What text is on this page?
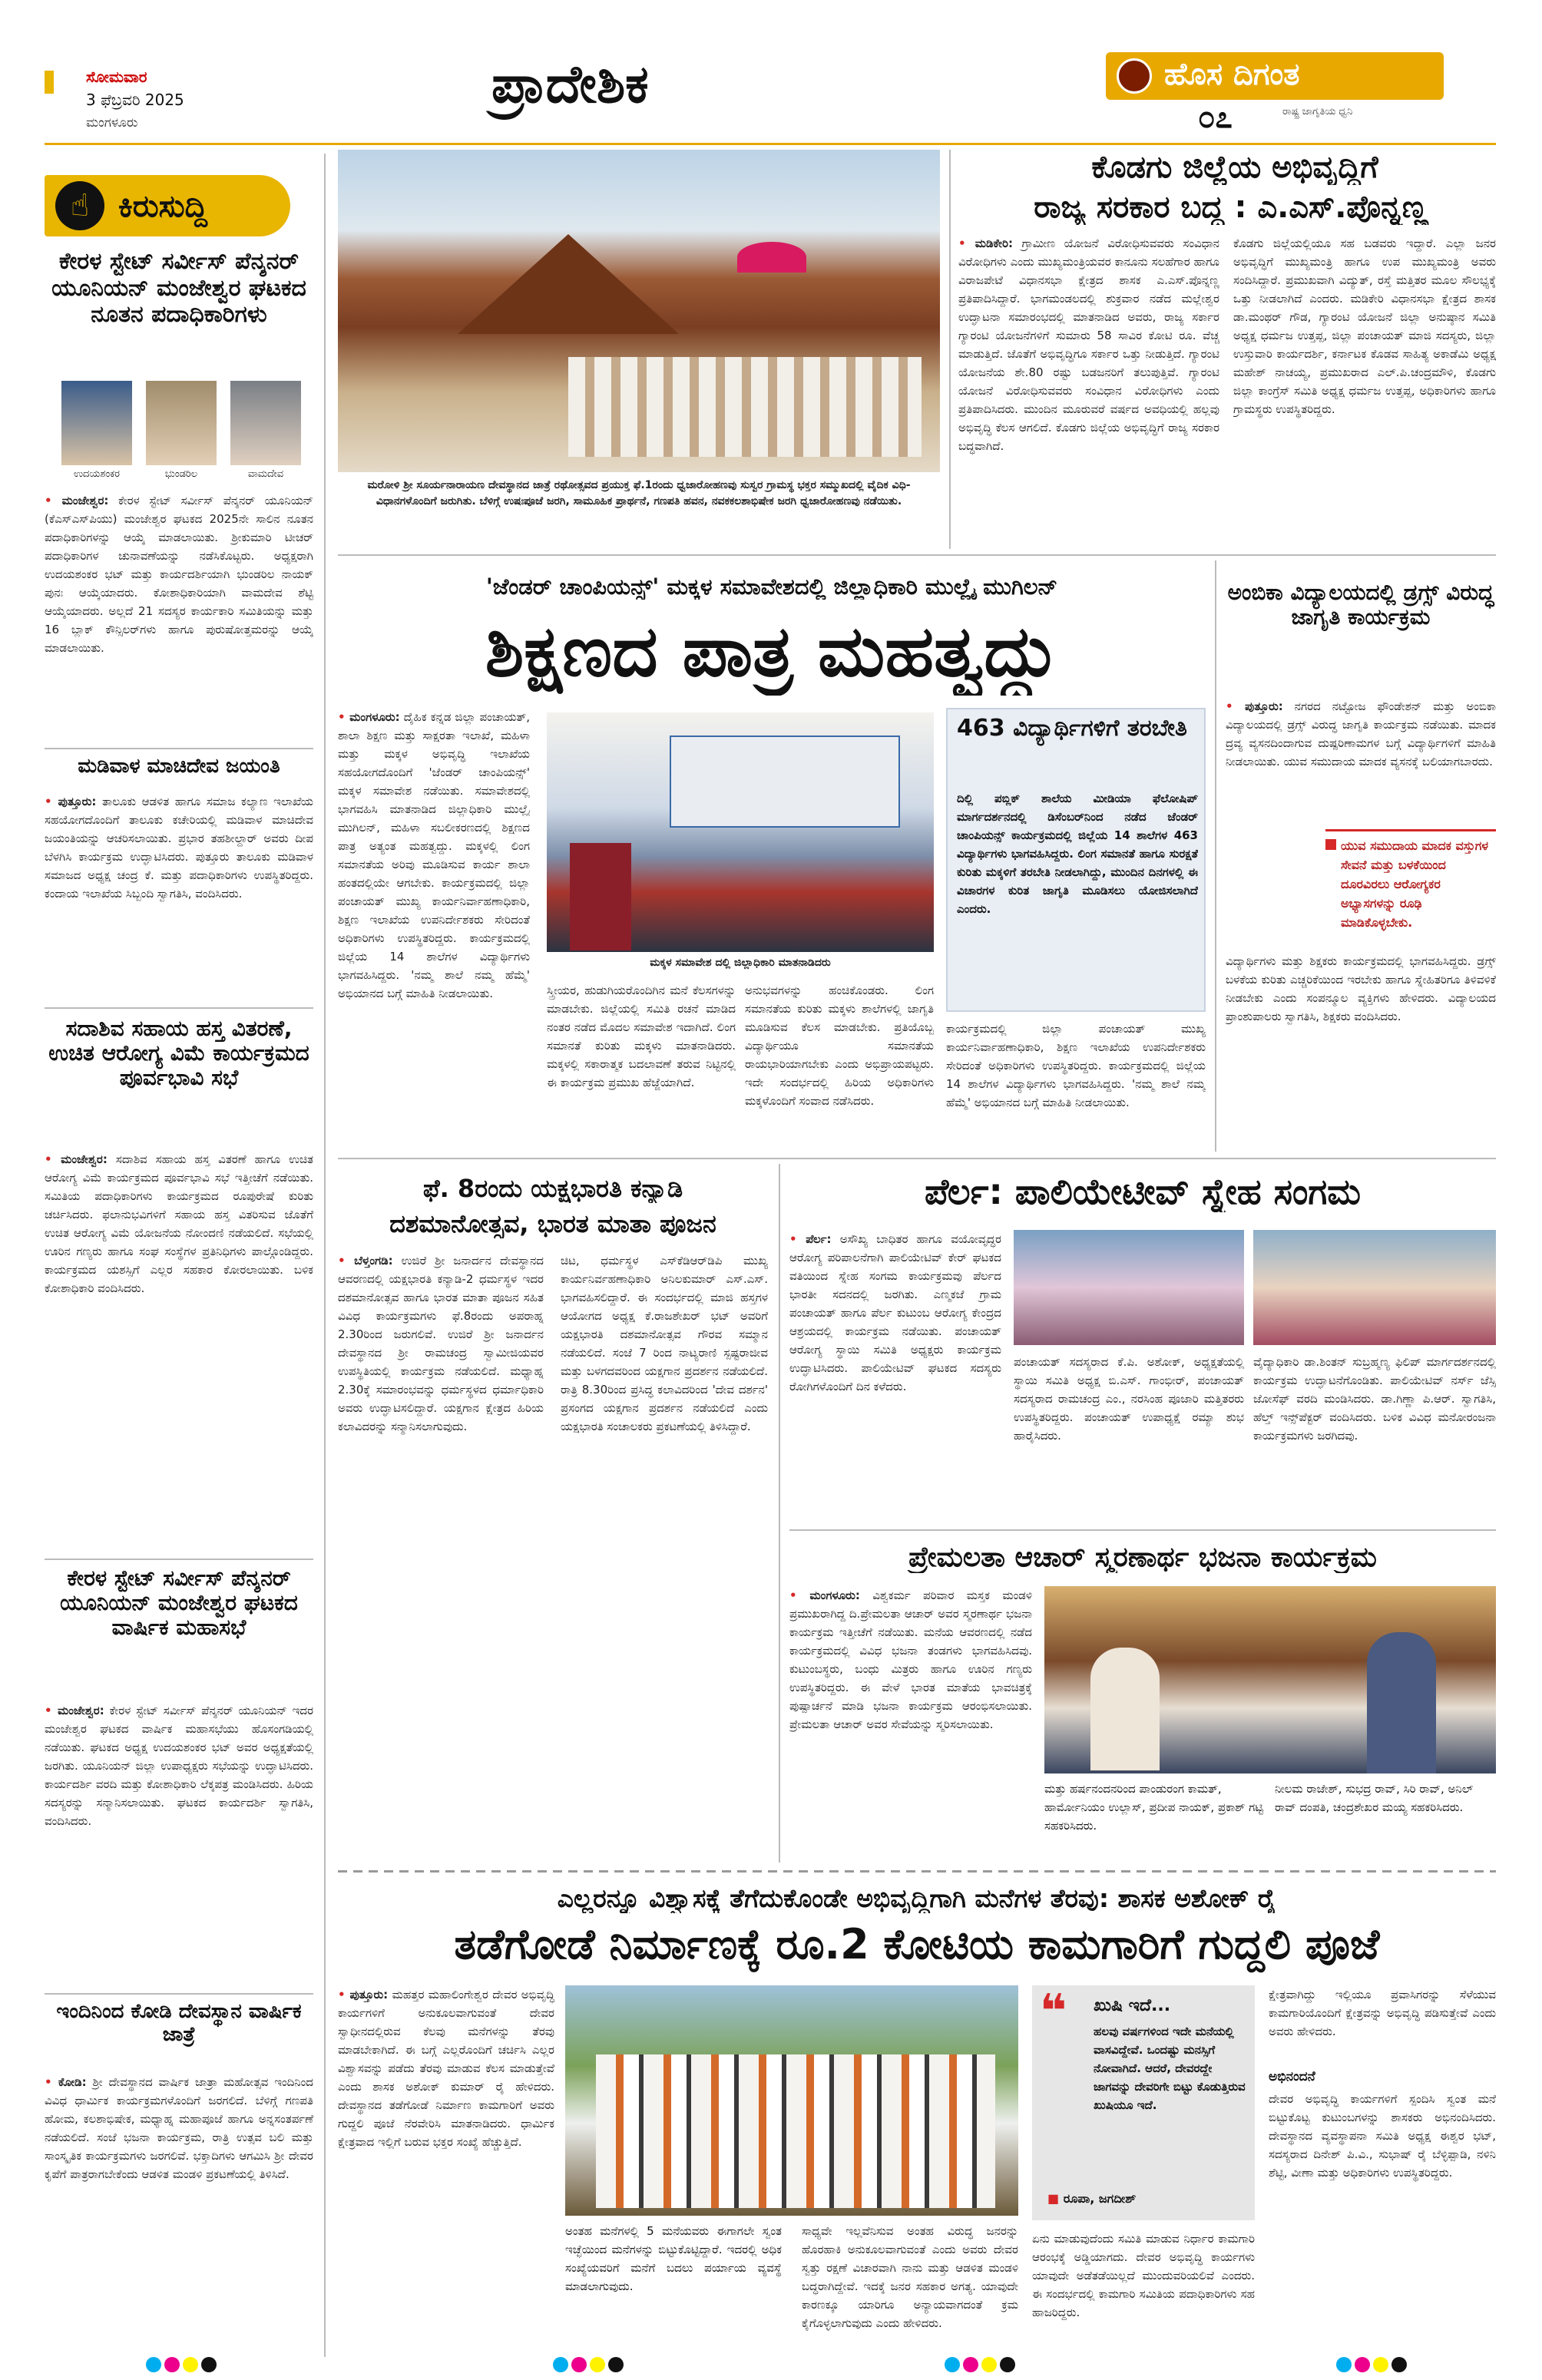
ಸೋಮವಾರ
3 ಫೆಬ್ರವರಿ 2025
ಮಂಗಳೂರು
ಪ್ರಾದೇಶಿಕ	ಹೊಸ ದಿಗಂತ
೦೭	ರಾಷ್ಟ್ರ ಜಾಗೃತಿಯ ಧ್ವನಿ
☝ ಕಿರುಸುದ್ದಿ
ಕೇರಳ ಸ್ಟೇಟ್ ಸರ್ವೀಸ್ ಪೆನ್ಶನರ್ ಯೂನಿಯನ್ ಮಂಜೇಶ್ವರ ಘಟಕದ ನೂತನ ಪದಾಧಿಕಾರಿಗಳು
ಉದಯಶಂಕರ	ಭುಂಡರಿಲ	ವಾಮದೇವ
• ಮಂಜೇಶ್ವರ: ಕೇರಳ ಸ್ಟೇಟ್ ಸರ್ವೀಸ್ ಪೆನ್ಶನರ್ ಯೂನಿಯನ್ (ಕೆಎಸ್‌ಎಸ್‌ಪಿಯು) ಮಂಜೇಶ್ವರ ಘಟಕದ 2025ನೇ ಸಾಲಿನ ನೂತನ ಪದಾಧಿಕಾರಿಗಳನ್ನು ಆಯ್ಕೆ ಮಾಡಲಾಯಿತು. ಶ್ರೀಕುಮಾರಿ ಟೀಚರ್ ಪದಾಧಿಕಾರಿಗಳ ಚುನಾವಣೆಯನ್ನು ನಡೆಸಿಕೊಟ್ಟರು. ಅಧ್ಯಕ್ಷರಾಗಿ ಉದಯಶಂಕರ ಭಟ್ ಮತ್ತು ಕಾರ್ಯದರ್ಶಿಯಾಗಿ ಭುಂಡರಿಲ ನಾಯಕ್ ಪುನಃ ಆಯ್ಕೆಯಾದರು. ಕೋಶಾಧಿಕಾರಿಯಾಗಿ ವಾಮದೇವ ಶೆಟ್ಟಿ ಆಯ್ಕೆಯಾದರು. ಅಲ್ಲದೆ 21 ಸದಸ್ಯರ ಕಾರ್ಯಕಾರಿ ಸಮಿತಿಯನ್ನು ಮತ್ತು 16 ಬ್ಲಾಕ್ ಕೌನ್ಸಿಲರ್‌ಗಳು ಹಾಗೂ ಪುರುಷೋತ್ತಮರನ್ನು ಆಯ್ಕೆ ಮಾಡಲಾಯಿತು.
ಮಡಿವಾಳ ಮಾಚಿದೇವ ಜಯಂತಿ
• ಪುತ್ತೂರು: ತಾಲೂಕು ಆಡಳಿತ ಹಾಗೂ ಸಮಾಜ ಕಲ್ಯಾಣ ಇಲಾಖೆಯ ಸಹಯೋಗದೊಂದಿಗೆ ತಾಲೂಕು ಕಚೇರಿಯಲ್ಲಿ ಮಡಿವಾಳ ಮಾಚಿದೇವ ಜಯಂತಿಯನ್ನು ಆಚರಿಸಲಾಯಿತು. ಪ್ರಭಾರ ತಹಶೀಲ್ದಾರ್ ಅವರು ದೀಪ ಬೆಳಗಿಸಿ ಕಾರ್ಯಕ್ರಮ ಉದ್ಘಾಟಿಸಿದರು. ಪುತ್ತೂರು ತಾಲೂಕು ಮಡಿವಾಳ ಸಮಾಜದ ಅಧ್ಯಕ್ಷ ಚಂದ್ರ ಕೆ. ಮತ್ತು ಪದಾಧಿಕಾರಿಗಳು ಉಪಸ್ಥಿತರಿದ್ದರು. ಕಂದಾಯ ಇಲಾಖೆಯ ಸಿಬ್ಬಂದಿ ಸ್ವಾಗತಿಸಿ, ವಂದಿಸಿದರು.
ಸದಾಶಿವ ಸಹಾಯ ಹಸ್ತ ವಿತರಣೆ, ಉಚಿತ ಆರೋಗ್ಯ ವಿಮೆ ಕಾರ್ಯಕ್ರಮದ ಪೂರ್ವಭಾವಿ ಸಭೆ
• ಮಂಜೇಶ್ವರ: ಸದಾಶಿವ ಸಹಾಯ ಹಸ್ತ ವಿತರಣೆ ಹಾಗೂ ಉಚಿತ ಆರೋಗ್ಯ ವಿಮೆ ಕಾರ್ಯಕ್ರಮದ ಪೂರ್ವಭಾವಿ ಸಭೆ ಇತ್ತೀಚೆಗೆ ನಡೆಯಿತು. ಸಮಿತಿಯ ಪದಾಧಿಕಾರಿಗಳು ಕಾರ್ಯಕ್ರಮದ ರೂಪುರೇಷೆ ಕುರಿತು ಚರ್ಚಿಸಿದರು. ಫಲಾನುಭವಿಗಳಿಗೆ ಸಹಾಯ ಹಸ್ತ ವಿತರಿಸುವ ಜೊತೆಗೆ ಉಚಿತ ಆರೋಗ್ಯ ವಿಮೆ ಯೋಜನೆಯ ನೋಂದಣಿ ನಡೆಯಲಿದೆ. ಸಭೆಯಲ್ಲಿ ಊರಿನ ಗಣ್ಯರು ಹಾಗೂ ಸಂಘ ಸಂಸ್ಥೆಗಳ ಪ್ರತಿನಿಧಿಗಳು ಪಾಲ್ಗೊಂಡಿದ್ದರು. ಕಾರ್ಯಕ್ರಮದ ಯಶಸ್ಸಿಗೆ ಎಲ್ಲರ ಸಹಕಾರ ಕೋರಲಾಯಿತು. ಬಳಿಕ ಕೋಶಾಧಿಕಾರಿ ವಂದಿಸಿದರು.
ಕೇರಳ ಸ್ಟೇಟ್ ಸರ್ವೀಸ್ ಪೆನ್ಶನರ್ ಯೂನಿಯನ್ ಮಂಜೇಶ್ವರ ಘಟಕದ ವಾರ್ಷಿಕ ಮಹಾಸಭೆ
• ಮಂಜೇಶ್ವರ: ಕೇರಳ ಸ್ಟೇಟ್ ಸರ್ವೀಸ್ ಪೆನ್ಶನರ್ ಯೂನಿಯನ್ ಇದರ ಮಂಜೇಶ್ವರ ಘಟಕದ ವಾರ್ಷಿಕ ಮಹಾಸಭೆಯು ಹೊಸಂಗಡಿಯಲ್ಲಿ ನಡೆಯಿತು. ಘಟಕದ ಅಧ್ಯಕ್ಷ ಉದಯಶಂಕರ ಭಟ್ ಅವರ ಅಧ್ಯಕ್ಷತೆಯಲ್ಲಿ ಜರಗಿತು. ಯೂನಿಯನ್ ಜಿಲ್ಲಾ ಉಪಾಧ್ಯಕ್ಷರು ಸಭೆಯನ್ನು ಉದ್ಘಾಟಿಸಿದರು. ಕಾರ್ಯದರ್ಶಿ ವರದಿ ಮತ್ತು ಕೋಶಾಧಿಕಾರಿ ಲೆಕ್ಕಪತ್ರ ಮಂಡಿಸಿದರು. ಹಿರಿಯ ಸದಸ್ಯರನ್ನು ಸನ್ಮಾನಿಸಲಾಯಿತು. ಘಟಕದ ಕಾರ್ಯದರ್ಶಿ ಸ್ವಾಗತಿಸಿ, ವಂದಿಸಿದರು.
ಇಂದಿನಿಂದ ಕೋಡಿ ದೇವಸ್ಥಾನ ವಾರ್ಷಿಕ ಜಾತ್ರೆ
• ಕೋಡಿ: ಶ್ರೀ ದೇವಸ್ಥಾನದ ವಾರ್ಷಿಕ ಜಾತ್ರಾ ಮಹೋತ್ಸವ ಇಂದಿನಿಂದ ವಿವಿಧ ಧಾರ್ಮಿಕ ಕಾರ್ಯಕ್ರಮಗಳೊಂದಿಗೆ ಜರಗಲಿದೆ. ಬೆಳಿಗ್ಗೆ ಗಣಪತಿ ಹೋಮ, ಕಲಶಾಭಿಷೇಕ, ಮಧ್ಯಾಹ್ನ ಮಹಾಪೂಜೆ ಹಾಗೂ ಅನ್ನಸಂತರ್ಪಣೆ ನಡೆಯಲಿದೆ. ಸಂಜೆ ಭಜನಾ ಕಾರ್ಯಕ್ರಮ, ರಾತ್ರಿ ಉತ್ಸವ ಬಲಿ ಮತ್ತು ಸಾಂಸ್ಕೃತಿಕ ಕಾರ್ಯಕ್ರಮಗಳು ಜರಗಲಿವೆ. ಭಕ್ತಾದಿಗಳು ಆಗಮಿಸಿ ಶ್ರೀ ದೇವರ ಕೃಪೆಗೆ ಪಾತ್ರರಾಗಬೇಕೆಂದು ಆಡಳಿತ ಮಂಡಳಿ ಪ್ರಕಟಣೆಯಲ್ಲಿ ತಿಳಿಸಿದೆ.
ಮರೋಳಿ ಶ್ರೀ ಸೂರ್ಯನಾರಾಯಣ ದೇವಸ್ಥಾನದ ಜಾತ್ರೆ ರಥೋತ್ಸವದ ಪ್ರಯುಕ್ತ ಫೆ.1ರಂದು ಧ್ವಜಾರೋಹಣವು ಸುಸ್ವರ ಗ್ರಾಮಸ್ಥ ಭಕ್ತರ ಸಮ್ಮುಖದಲ್ಲಿ ವೈದಿಕ ವಿಧಿ-ವಿಧಾನಗಳೊಂದಿಗೆ ಜರುಗಿತು. ಬೆಳಿಗ್ಗೆ ಉಷಃಪೂಜೆ ಜರಗಿ, ಸಾಮೂಹಿಕ ಪ್ರಾರ್ಥನೆ, ಗಣಪತಿ ಹವನ, ನವಕಕಲಶಾಭಿಷೇಕ ಜರಗಿ ಧ್ವಜಾರೋಹಣವು ನಡೆಯಿತು.
ಕೊಡಗು ಜಿಲ್ಲೆಯ ಅಭಿವೃದ್ಧಿಗೆ
ರಾಜ್ಯ ಸರಕಾರ ಬದ್ಧ : ಎ.ಎಸ್.ಪೊನ್ನಣ್ಣ
• ಮಡಿಕೇರಿ: ಗ್ರಾಮೀಣ ಯೋಜನೆ ವಿರೋಧಿಸುವವರು ಸಂವಿಧಾನ ವಿರೋಧಿಗಳು ಎಂದು ಮುಖ್ಯಮಂತ್ರಿಯವರ ಕಾನೂನು ಸಲಹೆಗಾರ ಹಾಗೂ ವಿರಾಜಪೇಟೆ ವಿಧಾನಸಭಾ ಕ್ಷೇತ್ರದ ಶಾಸಕ ಎ.ಎಸ್.ಪೊನ್ನಣ್ಣ ಪ್ರತಿಪಾದಿಸಿದ್ದಾರೆ. ಭಾಗಮಂಡಲದಲ್ಲಿ ಶುಕ್ರವಾರ ನಡೆದ ಮಲ್ಲೇಶ್ವರ ಉದ್ಘಾಟನಾ ಸಮಾರಂಭದಲ್ಲಿ ಮಾತನಾಡಿದ ಅವರು, ರಾಜ್ಯ ಸರ್ಕಾರ ಗ್ಯಾರಂಟಿ ಯೋಜನೆಗಳಿಗೆ ಸುಮಾರು 58 ಸಾವಿರ ಕೋಟಿ ರೂ. ವೆಚ್ಚ ಮಾಡುತ್ತಿದೆ. ಜೊತೆಗೆ ಅಭಿವೃದ್ಧಿಗೂ ಸರ್ಕಾರ ಒತ್ತು ನೀಡುತ್ತಿದೆ. ಗ್ಯಾರಂಟಿ ಯೋಜನೆಯ ಶೇ.80 ರಷ್ಟು ಬಡಜನರಿಗೆ ತಲುಪುತ್ತಿವೆ. ಗ್ಯಾರಂಟಿ ಯೋಜನೆ ವಿರೋಧಿಸುವವರು ಸಂವಿಧಾನ ವಿರೋಧಿಗಳು ಎಂದು ಪ್ರತಿಪಾದಿಸಿದರು. ಮುಂದಿನ ಮೂರುವರೆ ವರ್ಷದ ಅವಧಿಯಲ್ಲಿ ಹಲ್ಲವು ಅಭಿವೃದ್ಧಿ ಕೆಲಸ ಆಗಲಿದೆ. ಕೊಡಗು ಜಿಲ್ಲೆಯ ಅಭಿವೃದ್ಧಿಗೆ ರಾಜ್ಯ ಸರಕಾರ ಬದ್ಧವಾಗಿದೆ.
ಕೊಡಗು ಜಿಲ್ಲೆಯಲ್ಲಿಯೂ ಸಹ ಬಡವರು ಇದ್ದಾರೆ. ಎಲ್ಲಾ ಜನರ ಅಭಿವೃದ್ಧಿಗೆ ಮುಖ್ಯಮಂತ್ರಿ ಹಾಗೂ ಉಪ ಮುಖ್ಯಮಂತ್ರಿ ಅವರು ಸಂದಿಸಿದ್ದಾರೆ. ಪ್ರಮುಖವಾಗಿ ವಿದ್ಯುತ್, ರಸ್ತೆ ಮತ್ತಿತರ ಮೂಲ ಸೌಲಭ್ಯಕ್ಕೆ ಒತ್ತು ನೀಡಲಾಗಿದೆ ಎಂದರು. ಮಡಿಕೇರಿ ವಿಧಾನಸಭಾ ಕ್ಷೇತ್ರದ ಶಾಸಕ ಡಾ.ಮಂಥರ್ ಗೌಡ, ಗ್ಯಾರಂಟಿ ಯೋಜನೆ ಜಿಲ್ಲಾ ಅನುಷ್ಠಾನ ಸಮಿತಿ ಅಧ್ಯಕ್ಷ ಧರ್ಮಜ ಉತ್ತಪ್ಪ, ಜಿಲ್ಲಾ ಪಂಚಾಯತ್ ಮಾಜಿ ಸದಸ್ಯರು, ಜಿಲ್ಲಾ ಉಸ್ತುವಾರಿ ಕಾರ್ಯದರ್ಶಿ, ಕರ್ನಾಟಕ ಕೊಡವ ಸಾಹಿತ್ಯ ಅಕಾಡೆಮಿ ಅಧ್ಯಕ್ಷ ಮಹೇಶ್ ನಾಚಯ್ಯ, ಪ್ರಮುಖರಾದ ಎಲ್.ಪಿ.ಚಂದ್ರಮೌಳಿ, ಕೊಡಗು ಜಿಲ್ಲಾ ಕಾಂಗ್ರೆಸ್ ಸಮಿತಿ ಅಧ್ಯಕ್ಷ ಧರ್ಮಜ ಉತ್ತಪ್ಪ, ಅಧಿಕಾರಿಗಳು ಹಾಗೂ ಗ್ರಾಮಸ್ಥರು ಉಪಸ್ಥಿತರಿದ್ದರು.
'ಜೆಂಡರ್ ಚಾಂಪಿಯನ್ಸ್' ಮಕ್ಕಳ ಸಮಾವೇಶದಲ್ಲಿ ಜಿಲ್ಲಾಧಿಕಾರಿ ಮುಲ್ಲೈ ಮುಗಿಲನ್
ಶಿಕ್ಷಣದ ಪಾತ್ರ ಮಹತ್ವದ್ದು
• ಮಂಗಳೂರು: ದೈಹಿಕ ಕನ್ನಡ ಜಿಲ್ಲಾ ಪಂಚಾಯತ್, ಶಾಲಾ ಶಿಕ್ಷಣ ಮತ್ತು ಸಾಕ್ಷರತಾ ಇಲಾಖೆ, ಮಹಿಳಾ ಮತ್ತು ಮಕ್ಕಳ ಅಭಿವೃದ್ಧಿ ಇಲಾಖೆಯ ಸಹಯೋಗದೊಂದಿಗೆ 'ಜೆಂಡರ್ ಚಾಂಪಿಯನ್ಸ್' ಮಕ್ಕಳ ಸಮಾವೇಶ ನಡೆಯಿತು. ಸಮಾವೇಶದಲ್ಲಿ ಭಾಗವಹಿಸಿ ಮಾತನಾಡಿದ ಜಿಲ್ಲಾಧಿಕಾರಿ ಮುಲ್ಲೈ ಮುಗಿಲನ್, ಮಹಿಳಾ ಸಬಲೀಕರಣದಲ್ಲಿ ಶಿಕ್ಷಣದ ಪಾತ್ರ ಅತ್ಯಂತ ಮಹತ್ವದ್ದು. ಮಕ್ಕಳಲ್ಲಿ ಲಿಂಗ ಸಮಾನತೆಯ ಅರಿವು ಮೂಡಿಸುವ ಕಾರ್ಯ ಶಾಲಾ ಹಂತದಲ್ಲಿಯೇ ಆಗಬೇಕು. ಕಾರ್ಯಕ್ರಮದಲ್ಲಿ ಜಿಲ್ಲಾ ಪಂಚಾಯತ್ ಮುಖ್ಯ ಕಾರ್ಯನಿರ್ವಾಹಣಾಧಿಕಾರಿ, ಶಿಕ್ಷಣ ಇಲಾಖೆಯ ಉಪನಿರ್ದೇಶಕರು ಸೇರಿದಂತೆ ಅಧಿಕಾರಿಗಳು ಉಪಸ್ಥಿತರಿದ್ದರು. ಕಾರ್ಯಕ್ರಮದಲ್ಲಿ ಜಿಲ್ಲೆಯ 14 ಶಾಲೆಗಳ ವಿದ್ಯಾರ್ಥಿಗಳು ಭಾಗವಹಿಸಿದ್ದರು. 'ನಮ್ಮ ಶಾಲೆ ನಮ್ಮ ಹೆಮ್ಮೆ' ಅಭಿಯಾನದ ಬಗ್ಗೆ ಮಾಹಿತಿ ನೀಡಲಾಯಿತು.
ಮಕ್ಕಳ ಸಮಾವೇಶ ದಲ್ಲಿ ಜಿಲ್ಲಾಧಿಕಾರಿ ಮಾತನಾಡಿದರು
463 ವಿದ್ಯಾರ್ಥಿಗಳಿಗೆ ತರಬೇತಿ
ದಿಲ್ಲಿ ಪಬ್ಲಿಕ್ ಶಾಲೆಯ ಮೀಡಿಯಾ ಫೆಲೋಷಿಪ್ ಮಾರ್ಗದರ್ಶನದಲ್ಲಿ ಡಿಸೆಂಬರ್‌ನಿಂದ ನಡೆದ ಜೆಂಡರ್ ಚಾಂಪಿಯನ್ಸ್ ಕಾರ್ಯಕ್ರಮದಲ್ಲಿ ಜಿಲ್ಲೆಯ 14 ಶಾಲೆಗಳ 463 ವಿದ್ಯಾರ್ಥಿಗಳು ಭಾಗವಹಿಸಿದ್ದರು. ಲಿಂಗ ಸಮಾನತೆ ಹಾಗೂ ಸುರಕ್ಷತೆ ಕುರಿತು ಮಕ್ಕಳಿಗೆ ತರಬೇತಿ ನೀಡಲಾಗಿದ್ದು, ಮುಂದಿನ ದಿನಗಳಲ್ಲಿ ಈ ವಿಚಾರಗಳ ಕುರಿತ ಜಾಗೃತಿ ಮೂಡಿಸಲು ಯೋಜಿಸಲಾಗಿದೆ ಎಂದರು.
ಸ್ತ್ರೀಯರ, ಹುಡುಗಿಯರೊಂದಿಗಿನ ಮನೆ ಕೆಲಸಗಳನ್ನು ಮಾಡಬೇಕು. ಜಿಲ್ಲೆಯಲ್ಲಿ ಸಮಿತಿ ರಚನೆ ಮಾಡಿದ ನಂತರ ನಡೆದ ಮೊದಲ ಸಮಾವೇಶ ಇದಾಗಿದೆ. ಲಿಂಗ ಸಮಾನತೆ ಕುರಿತು ಮಕ್ಕಳು ಮಾತನಾಡಿದರು. ಮಕ್ಕಳಲ್ಲಿ ಸಕಾರಾತ್ಮಕ ಬದಲಾವಣೆ ತರುವ ನಿಟ್ಟಿನಲ್ಲಿ ಈ ಕಾರ್ಯಕ್ರಮ ಪ್ರಮುಖ ಹೆಜ್ಜೆಯಾಗಿದೆ.
ಅನುಭವಗಳನ್ನು ಹಂಚಿಕೊಂಡರು. ಲಿಂಗ ಸಮಾನತೆಯ ಕುರಿತು ಮಕ್ಕಳು ಶಾಲೆಗಳಲ್ಲಿ ಜಾಗೃತಿ ಮೂಡಿಸುವ ಕೆಲಸ ಮಾಡಬೇಕು. ಪ್ರತಿಯೊಬ್ಬ ವಿದ್ಯಾರ್ಥಿಯೂ ಸಮಾನತೆಯ ರಾಯಭಾರಿಯಾಗಬೇಕು ಎಂದು ಅಭಿಪ್ರಾಯಪಟ್ಟರು. ಇದೇ ಸಂದರ್ಭದಲ್ಲಿ ಹಿರಿಯ ಅಧಿಕಾರಿಗಳು ಮಕ್ಕಳೊಂದಿಗೆ ಸಂವಾದ ನಡೆಸಿದರು.
ಕಾರ್ಯಕ್ರಮದಲ್ಲಿ ಜಿಲ್ಲಾ ಪಂಚಾಯತ್ ಮುಖ್ಯ ಕಾರ್ಯನಿರ್ವಾಹಣಾಧಿಕಾರಿ, ಶಿಕ್ಷಣ ಇಲಾಖೆಯ ಉಪನಿರ್ದೇಶಕರು ಸೇರಿದಂತೆ ಅಧಿಕಾರಿಗಳು ಉಪಸ್ಥಿತರಿದ್ದರು. ಕಾರ್ಯಕ್ರಮದಲ್ಲಿ ಜಿಲ್ಲೆಯ 14 ಶಾಲೆಗಳ ವಿದ್ಯಾರ್ಥಿಗಳು ಭಾಗವಹಿಸಿದ್ದರು. 'ನಮ್ಮ ಶಾಲೆ ನಮ್ಮ ಹೆಮ್ಮೆ' ಅಭಿಯಾನದ ಬಗ್ಗೆ ಮಾಹಿತಿ ನೀಡಲಾಯಿತು.
ಅಂಬಿಕಾ ವಿದ್ಯಾಲಯದಲ್ಲಿ ಡ್ರಗ್ಸ್ ವಿರುದ್ಧ ಜಾಗೃತಿ ಕಾರ್ಯಕ್ರಮ
• ಪುತ್ತೂರು: ನಗರದ ನಟ್ಟೋಜ ಫೌಂಡೇಶನ್ ಮತ್ತು ಅಂಬಿಕಾ ವಿದ್ಯಾಲಯದಲ್ಲಿ ಡ್ರಗ್ಸ್ ವಿರುದ್ಧ ಜಾಗೃತಿ ಕಾರ್ಯಕ್ರಮ ನಡೆಯಿತು. ಮಾದಕ ದ್ರವ್ಯ ವ್ಯಸನದಿಂದಾಗುವ ದುಷ್ಪರಿಣಾಮಗಳ ಬಗ್ಗೆ ವಿದ್ಯಾರ್ಥಿಗಳಿಗೆ ಮಾಹಿತಿ ನೀಡಲಾಯಿತು. ಯುವ ಸಮುದಾಯ ಮಾದಕ ವ್ಯಸನಕ್ಕೆ ಬಲಿಯಾಗಬಾರದು.
ಯುವ ಸಮುದಾಯ ಮಾದಕ ವಸ್ತುಗಳ ಸೇವನೆ ಮತ್ತು ಬಳಕೆಯಿಂದ ದೂರವಿರಲು ಆರೋಗ್ಯಕರ ಅಭ್ಯಾಸಗಳನ್ನು ರೂಢಿ ಮಾಡಿಕೊಳ್ಳಬೇಕು.
ವಿದ್ಯಾರ್ಥಿಗಳು ಮತ್ತು ಶಿಕ್ಷಕರು ಕಾರ್ಯಕ್ರಮದಲ್ಲಿ ಭಾಗವಹಿಸಿದ್ದರು. ಡ್ರಗ್ಸ್ ಬಳಕೆಯ ಕುರಿತು ಎಚ್ಚರಿಕೆಯಿಂದ ಇರಬೇಕು ಹಾಗೂ ಸ್ನೇಹಿತರಿಗೂ ತಿಳಿವಳಿಕೆ ನೀಡಬೇಕು ಎಂದು ಸಂಪನ್ಮೂಲ ವ್ಯಕ್ತಿಗಳು ಹೇಳಿದರು. ವಿದ್ಯಾಲಯದ ಪ್ರಾಂಶುಪಾಲರು ಸ್ವಾಗತಿಸಿ, ಶಿಕ್ಷಕರು ವಂದಿಸಿದರು.
ಫೆ. 8ರಂದು ಯಕ್ಷಭಾರತಿ ಕನ್ಯಾಡಿ
ದಶಮಾನೋತ್ಸವ, ಭಾರತ ಮಾತಾ ಪೂಜನ
• ಬೆಳ್ತಂಗಡಿ: ಉಜಿರೆ ಶ್ರೀ ಜನಾರ್ದನ ದೇವಸ್ಥಾನದ ಆವರಣದಲ್ಲಿ ಯಕ್ಷಭಾರತಿ ಕನ್ಯಾಡಿ-2 ಧರ್ಮಸ್ಥಳ ಇದರ ದಶಮಾನೋತ್ಸವ ಹಾಗೂ ಭಾರತ ಮಾತಾ ಪೂಜನ ಸಹಿತ ವಿವಿಧ ಕಾರ್ಯಕ್ರಮಗಳು ಫೆ.8ರಂದು ಅಪರಾಹ್ನ 2.30ರಿಂದ ಜರುಗಲಿವೆ. ಉಜಿರೆ ಶ್ರೀ ಜನಾರ್ದನ ದೇವಸ್ಥಾನದ ಶ್ರೀ ರಾಮಚಂದ್ರ ಸ್ವಾಮೀಜಿಯವರ ಉಪಸ್ಥಿತಿಯಲ್ಲಿ ಕಾರ್ಯಕ್ರಮ ನಡೆಯಲಿದೆ. ಮಧ್ಯಾಹ್ನ 2.30ಕ್ಕೆ ಸಮಾರಂಭವನ್ನು ಧರ್ಮಸ್ಥಳದ ಧರ್ಮಾಧಿಕಾರಿ ಅವರು ಉದ್ಘಾಟಿಸಲಿದ್ದಾರೆ. ಯಕ್ಷಗಾನ ಕ್ಷೇತ್ರದ ಹಿರಿಯ ಕಲಾವಿದರನ್ನು ಸನ್ಮಾನಿಸಲಾಗುವುದು.
ಚಿಟ, ಧರ್ಮಸ್ಥಳ ಎಸ್‌ಕೆಡಿಆರ್‌ಡಿಪಿ ಮುಖ್ಯ ಕಾರ್ಯನಿರ್ವಹಣಾಧಿಕಾರಿ ಅನಿಲಕುಮಾರ್ ಎಸ್.ಎಸ್. ಭಾಗವಹಿಸಲಿದ್ದಾರೆ. ಈ ಸಂದರ್ಭದಲ್ಲಿ ಮಾಜಿ ಹಸ್ತಗಳ ಆಯೋಗದ ಅಧ್ಯಕ್ಷ ಕೆ.ರಾಜಶೇಖರ್ ಭಟ್ ಅವರಿಗೆ ಯಕ್ಷಭಾರತಿ ದಶಮಾನೋತ್ಸವ ಗೌರವ ಸಮ್ಮಾನ ನಡೆಯಲಿದೆ. ಸಂಜೆ 7 ರಿಂದ ನಾಟ್ಯರಾಣಿ ಸ್ಪಷ್ಟರಾಜೀವ ಮತ್ತು ಬಳಗದವರಿಂದ ಯಕ್ಷಗಾನ ಪ್ರದರ್ಶನ ನಡೆಯಲಿದೆ. ರಾತ್ರಿ 8.30ರಿಂದ ಪ್ರಸಿದ್ಧ ಕಲಾವಿದರಿಂದ 'ದೇವ ದರ್ಶನ' ಪ್ರಸಂಗದ ಯಕ್ಷಗಾನ ಪ್ರದರ್ಶನ ನಡೆಯಲಿದೆ ಎಂದು ಯಕ್ಷಭಾರತಿ ಸಂಚಾಲಕರು ಪ್ರಕಟಣೆಯಲ್ಲಿ ತಿಳಿಸಿದ್ದಾರೆ.
ಪೆರ್ಲ: ಪಾಲಿಯೇಟೀವ್ ಸ್ನೇಹ ಸಂಗಮ
• ಪೆರ್ಲ: ಅಸೌಖ್ಯ ಬಾಧಿತರ ಹಾಗೂ ವಯೋವೃದ್ಧರ ಆರೋಗ್ಯ ಪರಿಪಾಲನೆಗಾಗಿ ಪಾಲಿಯೇಟಿವ್ ಕೇರ್ ಘಟಕದ ವತಿಯಿಂದ ಸ್ನೇಹ ಸಂಗಮ ಕಾರ್ಯಕ್ರಮವು ಪೆರ್ಲದ ಭಾರತೀ ಸದನದಲ್ಲಿ ಜರಗಿತು. ಎಣ್ಮಕಜೆ ಗ್ರಾಮ ಪಂಚಾಯತ್ ಹಾಗೂ ಪೆರ್ಲ ಕುಟುಂಬ ಆರೋಗ್ಯ ಕೇಂದ್ರದ ಆಶ್ರಯದಲ್ಲಿ ಕಾರ್ಯಕ್ರಮ ನಡೆಯಿತು. ಪಂಚಾಯತ್ ಆರೋಗ್ಯ ಸ್ಥಾಯಿ ಸಮಿತಿ ಅಧ್ಯಕ್ಷರು ಕಾರ್ಯಕ್ರಮ ಉದ್ಘಾಟಿಸಿದರು. ಪಾಲಿಯೇಟಿವ್ ಘಟಕದ ಸದಸ್ಯರು ರೋಗಿಗಳೊಂದಿಗೆ ದಿನ ಕಳೆದರು.
ಪಂಚಾಯತ್ ಸದಸ್ಯರಾದ ಕೆ.ಪಿ. ಅಶೋಕ್, ಅಧ್ಯಕ್ಷತೆಯಲ್ಲಿ ಸ್ಥಾಯಿ ಸಮಿತಿ ಅಧ್ಯಕ್ಷ ಬಿ.ಎಸ್. ಗಾಂಭೀರ್, ಪಂಚಾಯತ್ ಸದಸ್ಯರಾದ ರಾಮಚಂದ್ರ ಎಂ., ನರಸಿಂಹ ಪೂಜಾರಿ ಮತ್ತಿತರರು ಉಪಸ್ಥಿತರಿದ್ದರು. ಪಂಚಾಯತ್ ಉಪಾಧ್ಯಕ್ಷೆ ರಮ್ಯಾ ಶುಭ ಹಾರೈಸಿದರು.
ವೈದ್ಯಾಧಿಕಾರಿ ಡಾ.ಶಿಂತನ್ ಸುಬ್ರಹ್ಮಣ್ಯ ಫಿಲಿಪ್ ಮಾರ್ಗದರ್ಶನದಲ್ಲಿ ಕಾರ್ಯಕ್ರಮ ಉದ್ಘಾಟನೆಗೊಂಡಿತು. ಪಾಲಿಯೇಟಿವ್ ನರ್ಸ್ ಜೆಸ್ಸಿ ಜೋಸೆಫ್ ವರದಿ ಮಂಡಿಸಿದರು. ಡಾ.ಗಿಣ್ಣಾ ಪಿ.ಆರ್. ಸ್ವಾಗತಿಸಿ, ಹೆಲ್ತ್ ಇನ್ಸ್‌ಪೆಕ್ಟರ್ ವಂದಿಸಿದರು. ಬಳಿಕ ವಿವಿಧ ಮನೋರಂಜನಾ ಕಾರ್ಯಕ್ರಮಗಳು ಜರಗಿದವು.
ಪ್ರೇಮಲತಾ ಆಚಾರ್ ಸ್ಮರಣಾರ್ಥ ಭಜನಾ ಕಾರ್ಯಕ್ರಮ
• ಮಂಗಳೂರು: ವಿಶ್ವಕರ್ಮ ಪರಿವಾರ ಮಸ್ತಕ ಮಂಡಳಿ ಪ್ರಮುಖರಾಗಿದ್ದ ದಿ.ಪ್ರೇಮಲತಾ ಆಚಾರ್ ಅವರ ಸ್ಮರಣಾರ್ಥ ಭಜನಾ ಕಾರ್ಯಕ್ರಮ ಇತ್ತೀಚೆಗೆ ನಡೆಯಿತು. ಮನೆಯ ಆವರಣದಲ್ಲಿ ನಡೆದ ಕಾರ್ಯಕ್ರಮದಲ್ಲಿ ವಿವಿಧ ಭಜನಾ ತಂಡಗಳು ಭಾಗವಹಿಸಿದವು. ಕುಟುಂಬಸ್ಥರು, ಬಂಧು ಮಿತ್ರರು ಹಾಗೂ ಊರಿನ ಗಣ್ಯರು ಉಪಸ್ಥಿತರಿದ್ದರು. ಈ ವೇಳೆ ಭಾರತ ಮಾತೆಯ ಭಾವಚಿತ್ರಕ್ಕೆ ಪುಷ್ಪಾರ್ಚನೆ ಮಾಡಿ ಭಜನಾ ಕಾರ್ಯಕ್ರಮ ಆರಂಭಿಸಲಾಯಿತು. ಪ್ರೇಮಲತಾ ಆಚಾರ್ ಅವರ ಸೇವೆಯನ್ನು ಸ್ಮರಿಸಲಾಯಿತು.
ಮತ್ತು ಹರ್ಷನಂದನರಿಂದ ಪಾಂಡುರಂಗ ಕಾಮತ್, ಹಾರ್ಮೋನಿಯಂ ಉಲ್ಲಾಸ್, ಪ್ರದೀಪ ನಾಯಕ್, ಪ್ರಕಾಶ್ ಗಟ್ಟಿ ಸಹಕರಿಸಿದರು.
ನೀಲಮ ರಾಜೇಶ್, ಸುಭದ್ರ ರಾವ್, ಸಿರಿ ರಾವ್, ಅನಿಲ್ ರಾವ್ ದಂಪತಿ, ಚಂದ್ರಶೇಖರ ಮಯ್ಯ ಸಹಕರಿಸಿದರು.
ಎಲ್ಲರನ್ನೂ ವಿಶ್ವಾಸಕ್ಕೆ ತೆಗೆದುಕೊಂಡೇ ಅಭಿವೃದ್ಧಿಗಾಗಿ ಮನೆಗಳ ತೆರವು: ಶಾಸಕ ಅಶೋಕ್ ರೈ
ತಡೆಗೋಡೆ ನಿರ್ಮಾಣಕ್ಕೆ ರೂ.2 ಕೋಟಿಯ ಕಾಮಗಾರಿಗೆ ಗುದ್ದಲಿ ಪೂಜೆ
• ಪುತ್ತೂರು: ಮಹತ್ತರ ಮಹಾಲಿಂಗೇಶ್ವರ ದೇವರ ಅಭಿವೃದ್ಧಿ ಕಾರ್ಯಗಳಿಗೆ ಅನುಕೂಲವಾಗುವಂತೆ ದೇವರ ಸ್ವಾಧೀನದಲ್ಲಿರುವ ಕೆಲವು ಮನೆಗಳನ್ನು ತೆರವು ಮಾಡಬೇಕಾಗಿದೆ. ಈ ಬಗ್ಗೆ ಎಲ್ಲರೊಂದಿಗೆ ಚರ್ಚಿಸಿ ಎಲ್ಲರ ವಿಶ್ವಾಸವನ್ನು ಪಡೆದು ತೆರವು ಮಾಡುವ ಕೆಲಸ ಮಾಡುತ್ತೇವೆ ಎಂದು ಶಾಸಕ ಅಶೋಕ್ ಕುಮಾರ್ ರೈ ಹೇಳಿದರು. ದೇವಸ್ಥಾನದ ತಡೆಗೋಡೆ ನಿರ್ಮಾಣ ಕಾಮಗಾರಿಗೆ ಅವರು ಗುದ್ದಲಿ ಪೂಜೆ ನೆರವೇರಿಸಿ ಮಾತನಾಡಿದರು. ಧಾರ್ಮಿಕ ಕ್ಷೇತ್ರವಾದ ಇಲ್ಲಿಗೆ ಬರುವ ಭಕ್ತರ ಸಂಖ್ಯೆ ಹೆಚ್ಚುತ್ತಿದೆ.
ಅಂತಹ ಮನೆಗಳಲ್ಲಿ 5 ಮನೆಯವರು ಈಗಾಗಲೇ ಸ್ವಂತ ಇಚ್ಛೆಯಿಂದ ಮನೆಗಳನ್ನು ಬಿಟ್ಟುಕೊಟ್ಟಿದ್ದಾರೆ. ಇದರಲ್ಲಿ ಅಧಿಕ ಸಂಖ್ಯೆಯವರಿಗೆ ಮನೆಗೆ ಬದಲು ಪರ್ಯಾಯ ವ್ಯವಸ್ಥೆ ಮಾಡಲಾಗುವುದು.
ಸಾಧ್ಯವೇ ಇಲ್ಲವೆನಿಸುವ ಅಂತಹ ವಿರುದ್ಧ ಜನರನ್ನು ಹೊರಹಾಕಿ ಅನುಕೂಲವಾಗುವಂತೆ ಎಂದು ಅವರು ದೇವರ ಸ್ವತ್ತು ರಕ್ಷಣೆ ವಿಚಾರವಾಗಿ ನಾನು ಮತ್ತು ಆಡಳಿತ ಮಂಡಳಿ ಬದ್ಧರಾಗಿದ್ದೇವೆ. ಇದಕ್ಕೆ ಜನರ ಸಹಕಾರ ಅಗತ್ಯ. ಯಾವುದೇ ಕಾರಣಕ್ಕೂ ಯಾರಿಗೂ ಅನ್ಯಾಯವಾಗದಂತೆ ಕ್ರಮ ಕೈಗೊಳ್ಳಲಾಗುವುದು ಎಂದು ಹೇಳಿದರು.
❝ ಖುಷಿ ಇದೆ...
ಹಲವು ವರ್ಷಗಳಿಂದ ಇದೇ ಮನೆಯಲ್ಲಿ ವಾಸವಿದ್ದೇವೆ. ಒಂದಷ್ಟು ಮನಸ್ಸಿಗೆ ನೋವಾಗಿದೆ. ಆದರೆ, ದೇವರದ್ದೇ ಜಾಗವನ್ನು ದೇವರಿಗೇ ಬಿಟ್ಟು ಕೊಡುತ್ತಿರುವ ಖುಷಿಯೂ ಇದೆ.
■ ರೂಪಾ, ಜಗದೀಶ್
ಏನು ಮಾಡುವುದೆಂದು ಸಮಿತಿ ಮಾಡುವ ನಿರ್ಧಾರ ಕಾಮಗಾರಿ ಆರಂಭಕ್ಕೆ ಅಡ್ಡಿಯಾಗದು. ದೇವರ ಅಭಿವೃದ್ಧಿ ಕಾರ್ಯಗಳು ಯಾವುದೇ ಅಡೆತಡೆಯಿಲ್ಲದೆ ಮುಂದುವರಿಯಲಿವೆ ಎಂದರು. ಈ ಸಂದರ್ಭದಲ್ಲಿ ಕಾಮಗಾರಿ ಸಮಿತಿಯ ಪದಾಧಿಕಾರಿಗಳು ಸಹ ಹಾಜರಿದ್ದರು.
ಕ್ಷೇತ್ರವಾಗಿದ್ದು ಇಲ್ಲಿಯೂ ಪ್ರವಾಸಿಗರನ್ನು ಸೆಳೆಯುವ ಕಾಮಗಾರಿಯೊಂದಿಗೆ ಕ್ಷೇತ್ರವನ್ನು ಅಭಿವೃದ್ಧಿ ಪಡಿಸುತ್ತೇವೆ ಎಂದು ಅವರು ಹೇಳಿದರು.
ಅಭಿನಂದನೆ
ದೇವರ ಅಭಿವೃದ್ಧಿ ಕಾರ್ಯಗಳಿಗೆ ಸ್ಪಂದಿಸಿ ಸ್ವಂತ ಮನೆ ಬಿಟ್ಟುಕೊಟ್ಟ ಕುಟುಂಬಗಳನ್ನು ಶಾಸಕರು ಅಭಿನಂದಿಸಿದರು. ದೇವಸ್ಥಾನದ ವ್ಯವಸ್ಥಾಪನಾ ಸಮಿತಿ ಅಧ್ಯಕ್ಷ ಈಶ್ವರ ಭಟ್, ಸದಸ್ಯರಾದ ದಿನೇಶ್ ಪಿ.ವಿ., ಸುಭಾಷ್ ರೈ ಬೆಳ್ಳಿಪ್ಪಾಡಿ, ನಳಿನಿ ಶೆಟ್ಟಿ, ವೀಣಾ ಮತ್ತು ಅಧಿಕಾರಿಗಳು ಉಪಸ್ಥಿತರಿದ್ದರು.
